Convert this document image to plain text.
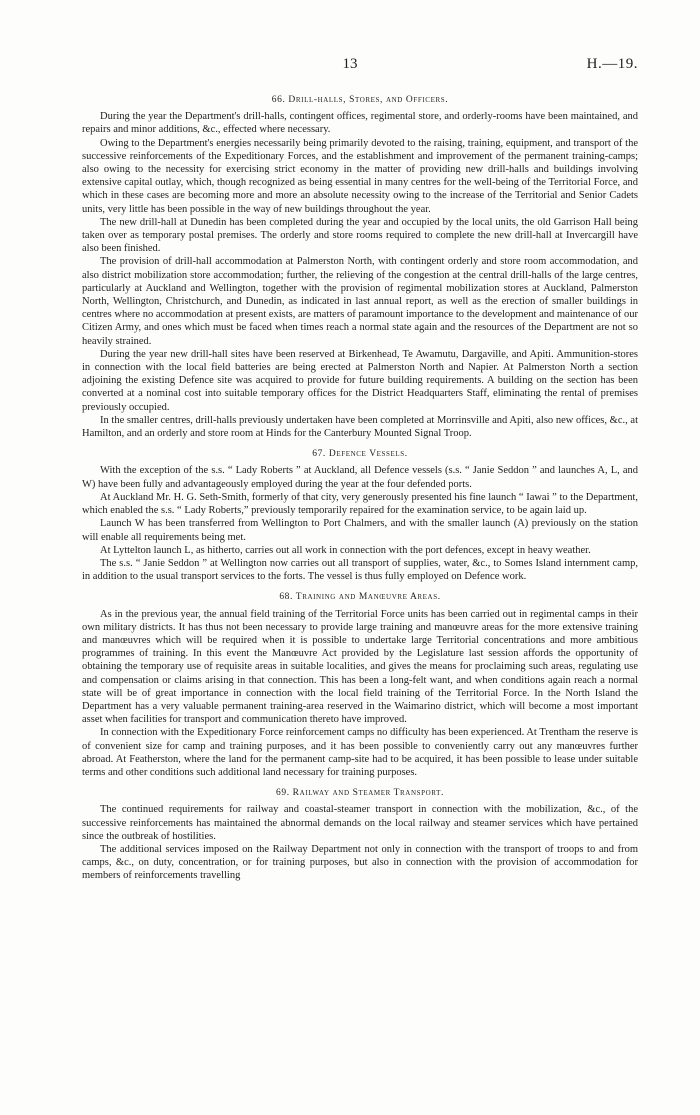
13	H.—19.
66. Drill-halls, Stores, and Officers.

During the year the Department's drill-halls, contingent offices, regimental store, and orderly-rooms have been maintained, and repairs and minor additions, &c., effected where necessary.

Owing to the Department's energies necessarily being primarily devoted to the raising, training, equipment, and transport of the successive reinforcements of the Expeditionary Forces, and the establishment and improvement of the permanent training-camps; also owing to the necessity for exercising strict economy in the matter of providing new drill-halls and buildings involving extensive capital outlay, which, though recognized as being essential in many centres for the well-being of the Territorial Force, and which in these cases are becoming more and more an absolute necessity owing to the increase of the Territorial and Senior Cadets units, very little has been possible in the way of new buildings throughout the year.

The new drill-hall at Dunedin has been completed during the year and occupied by the local units, the old Garrison Hall being taken over as temporary postal premises. The orderly and store rooms required to complete the new drill-hall at Invercargill have also been finished.

The provision of drill-hall accommodation at Palmerston North, with contingent orderly and store room accommodation, and also district mobilization store accommodation; further, the relieving of the congestion at the central drill-halls of the large centres, particularly at Auckland and Wellington, together with the provision of regimental mobilization stores at Auckland, Palmerston North, Wellington, Christchurch, and Dunedin, as indicated in last annual report, as well as the erection of smaller buildings in centres where no accommodation at present exists, are matters of paramount importance to the development and maintenance of our Citizen Army, and ones which must be faced when times reach a normal state again and the resources of the Department are not so heavily strained.

During the year new drill-hall sites have been reserved at Birkenhead, Te Awamutu, Dargaville, and Apiti. Ammunition-stores in connection with the local field batteries are being erected at Palmerston North and Napier. At Palmerston North a section adjoining the existing Defence site was acquired to provide for future building requirements. A building on the section has been converted at a nominal cost into suitable temporary offices for the District Headquarters Staff, eliminating the rental of premises previously occupied.

In the smaller centres, drill-halls previously undertaken have been completed at Morrinsville and Apiti, also new offices, &c., at Hamilton, and an orderly and store room at Hinds for the Canterbury Mounted Signal Troop.

67. Defence Vessels.

With the exception of the s.s. “ Lady Roberts ” at Auckland, all Defence vessels (s.s. “ Janie Seddon ” and launches A, L, and W) have been fully and advantageously employed during the year at the four defended ports.

At Auckland Mr. H. G. Seth-Smith, formerly of that city, very generously presented his fine launch “ Iawai ” to the Department, which enabled the s.s. “ Lady Roberts,” previously temporarily repaired for the examination service, to be again laid up.

Launch W has been transferred from Wellington to Port Chalmers, and with the smaller launch (A) previously on the station will enable all requirements being met.

At Lyttelton launch L, as hitherto, carries out all work in connection with the port defences, except in heavy weather.

The s.s. “ Janie Seddon ” at Wellington now carries out all transport of supplies, water, &c., to Somes Island internment camp, in addition to the usual transport services to the forts. The vessel is thus fully employed on Defence work.

68. Training and Manœuvre Areas.

As in the previous year, the annual field training of the Territorial Force units has been carried out in regimental camps in their own military districts. It has thus not been necessary to provide large training and manœuvre areas for the more extensive training and manœuvres which will be required when it is possible to undertake large Territorial concentrations and more ambitious programmes of training. In this event the Manœuvre Act provided by the Legislature last session affords the opportunity of obtaining the temporary use of requisite areas in suitable localities, and gives the means for proclaiming such areas, regulating use and compensation or claims arising in that connection. This has been a long-felt want, and when conditions again reach a normal state will be of great importance in connection with the local field training of the Territorial Force. In the North Island the Department has a very valuable permanent training-area reserved in the Waimarino district, which will become a most important asset when facilities for transport and communication thereto have improved.

In connection with the Expeditionary Force reinforcement camps no difficulty has been experienced. At Trentham the reserve is of convenient size for camp and training purposes, and it has been possible to conveniently carry out any manœuvres further abroad. At Featherston, where the land for the permanent camp-site had to be acquired, it has been possible to lease under suitable terms and other conditions such additional land necessary for training purposes.

69. Railway and Steamer Transport.

The continued requirements for railway and coastal-steamer transport in connection with the mobilization, &c., of the successive reinforcements has maintained the abnormal demands on the local railway and steamer services which have pertained since the outbreak of hostilities.

The additional services imposed on the Railway Department not only in connection with the transport of troops to and from camps, &c., on duty, concentration, or for training purposes, but also in connection with the provision of accommodation for members of reinforcements travelling
